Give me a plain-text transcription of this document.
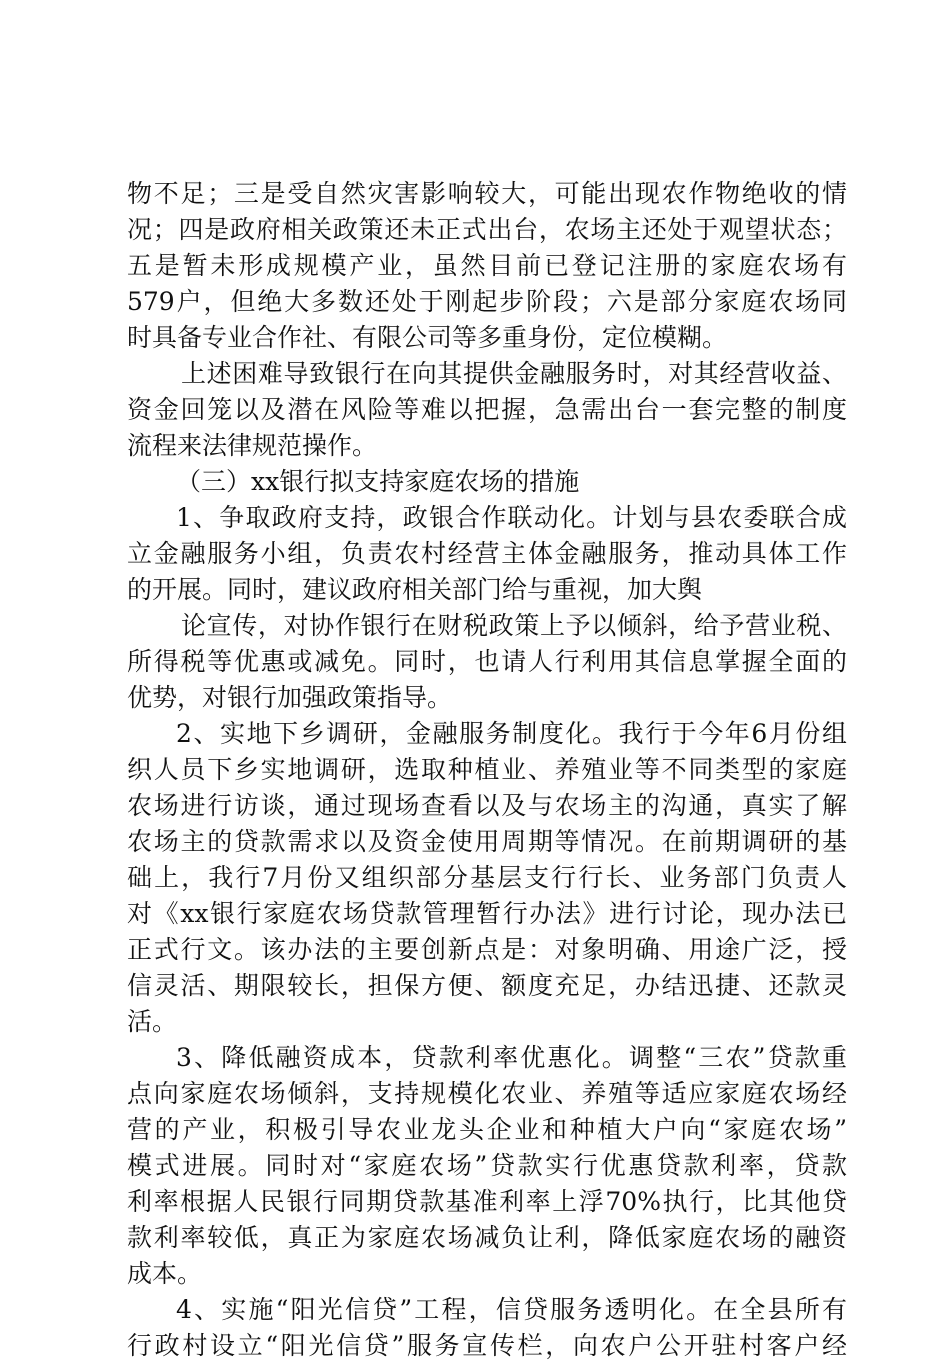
物不足；三是受自然灾害影响较大，可能出现农作物绝收的情
况；四是政府相关政策还未正式出台，农场主还处于观望状态；
五是暂未形成规模产业，虽然目前已登记注册的家庭农场有
579户，但绝大多数还处于刚起步阶段；六是部分家庭农场同
时具备专业合作社、有限公司等多重身份，定位模糊。
上述困难导致银行在向其提供金融服务时，对其经营收益、
资金回笼以及潜在风险等难以把握，急需出台一套完整的制度
流程来法律规范操作。
（三）xx银行拟支持家庭农场的措施
1、争取政府支持，政银合作联动化。计划与县农委联合成
立金融服务小组，负责农村经营主体金融服务，推动具体工作
的开展。同时，建议政府相关部门给与重视，加大舆
论宣传，对协作银行在财税政策上予以倾斜，给予营业税、
所得税等优惠或减免。同时，也请人行利用其信息掌握全面的
优势，对银行加强政策指导。
2、实地下乡调研，金融服务制度化。我行于今年6月份组
织人员下乡实地调研，选取种植业、养殖业等不同类型的家庭
农场进行访谈，通过现场查看以及与农场主的沟通，真实了解
农场主的贷款需求以及资金使用周期等情况。在前期调研的基
础上，我行7月份又组织部分基层支行行长、业务部门负责人
对《xx银行家庭农场贷款管理暂行办法》进行讨论，现办法已
正式行文。该办法的主要创新点是：对象明确、用途广泛，授
信灵活、期限较长，担保方便、额度充足，办结迅捷、还款灵
活。
3、降低融资成本，贷款利率优惠化。调整“三农”贷款重
点向家庭农场倾斜，支持规模化农业、养殖等适应家庭农场经
营的产业，积极引导农业龙头企业和种植大户向“家庭农场”
模式进展。同时对“家庭农场”贷款实行优惠贷款利率，贷款
利率根据人民银行同期贷款基准利率上浮70%执行，比其他贷
款利率较低，真正为家庭农场减负让利，降低家庭农场的融资
成本。
4、实施“阳光信贷”工程，信贷服务透明化。在全县所有
行政村设立“阳光信贷”服务宣传栏，向农户公开驻村客户经
